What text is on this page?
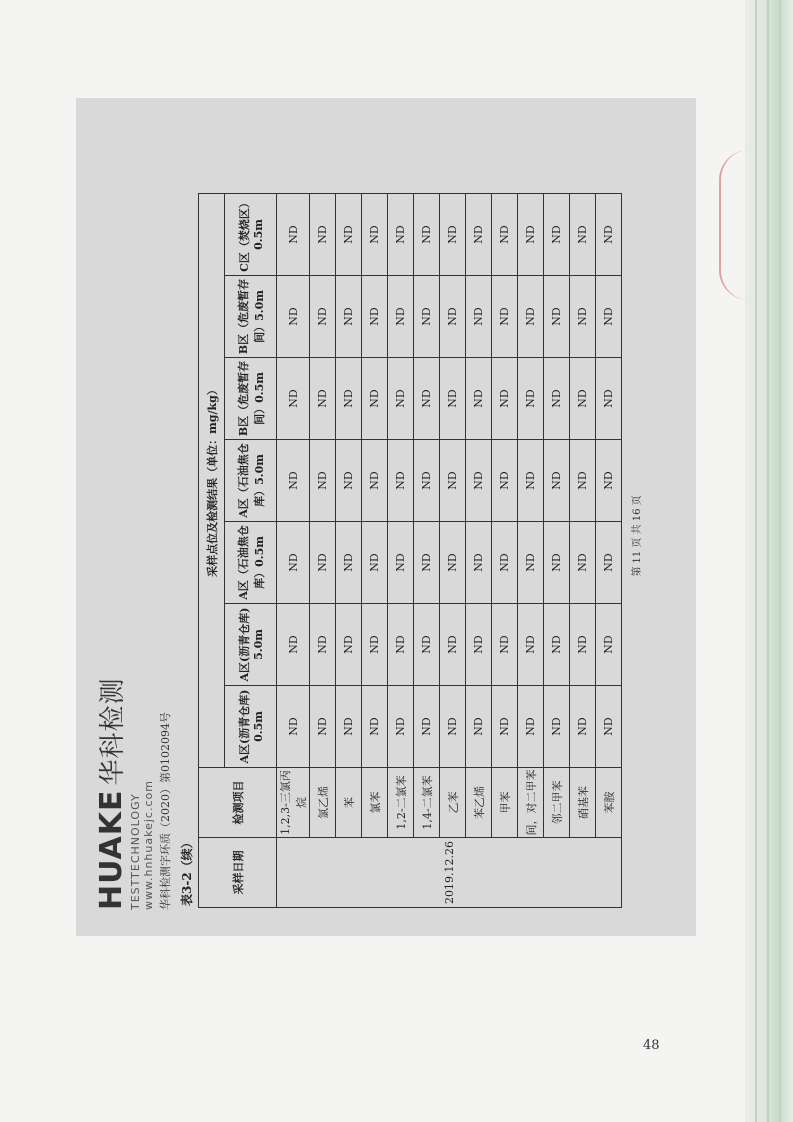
HUAKE华科检测
TESTTECHNOLOGY www.hnhuakejc.com 华科检测字环质（2020）第0102094号 表3-2（续）	采样日期	检测项目	采样点位及检测结果（单位：mg/kg）						
		A区(沥青仓库) 0.5m	A区(沥青仓库) 5.0m	A区（石油焦仓库）0.5m	A区（石油焦仓库）5.0m	B区（危废暂存间）0.5m	B区（危废暂存间）5.0m	C区（焚烧区）0.5m
2019.12.26	1,2,3-三氯丙烷	ND	ND	ND	ND	ND	ND	ND
	氯乙烯	ND	ND	ND	ND	ND	ND	ND
	苯	ND	ND	ND	ND	ND	ND	ND
	氯苯	ND	ND	ND	ND	ND	ND	ND
	1,2-二氯苯	ND	ND	ND	ND	ND	ND	ND
	1,4-二氯苯	ND	ND	ND	ND	ND	ND	ND
	乙苯	ND	ND	ND	ND	ND	ND	ND
	苯乙烯	ND	ND	ND	ND	ND	ND	ND
	甲苯	ND	ND	ND	ND	ND	ND	ND
	间，对二甲苯	ND	ND	ND	ND	ND	ND	ND
	邻二甲苯	ND	ND	ND	ND	ND	ND	ND
	硝基苯	ND	ND	ND	ND	ND	ND	ND
	苯胺	ND	ND	ND	ND	ND	ND	ND
第 11 页 共 16 页
48
